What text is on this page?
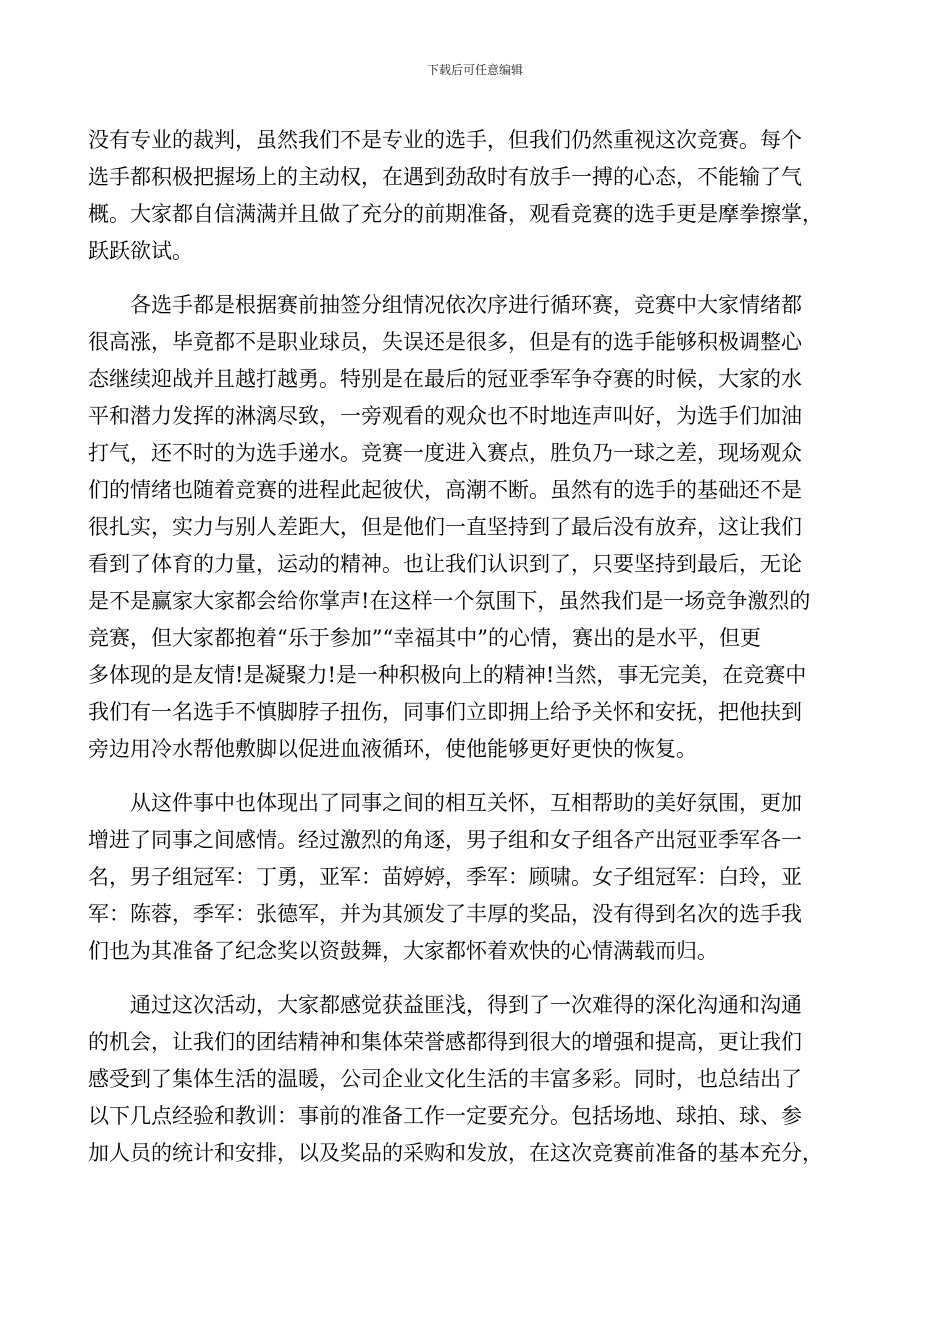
下载后可任意编辑

没有专业的裁判，虽然我们不是专业的选手，但我们仍然重视这次竞赛。每个
选手都积极把握场上的主动权，在遇到劲敌时有放手一搏的心态，不能输了气
概。大家都自信满满并且做了充分的前期准备，观看竞赛的选手更是摩拳擦掌，
跃跃欲试。

各选手都是根据赛前抽签分组情况依次序进行循环赛，竞赛中大家情绪都
很高涨，毕竟都不是职业球员，失误还是很多，但是有的选手能够积极调整心
态继续迎战并且越打越勇。特别是在最后的冠亚季军争夺赛的时候，大家的水
平和潜力发挥的淋漓尽致，一旁观看的观众也不时地连声叫好，为选手们加油
打气，还不时的为选手递水。竞赛一度进入赛点，胜负乃一球之差，现场观众
们的情绪也随着竞赛的进程此起彼伏，高潮不断。虽然有的选手的基础还不是
很扎实，实力与别人差距大，但是他们一直坚持到了最后没有放弃，这让我们
看到了体育的力量，运动的精神。也让我们认识到了，只要坚持到最后，无论
是不是赢家大家都会给你掌声!在这样一个氛围下，虽然我们是一场竞争激烈的
竞赛，但大家都抱着“乐于参加”“幸福其中”的心情，赛出的是水平，但更
多体现的是友情!是凝聚力!是一种积极向上的精神!当然，事无完美，在竞赛中
我们有一名选手不慎脚脖子扭伤，同事们立即拥上给予关怀和安抚，把他扶到
旁边用冷水帮他敷脚以促进血液循环，使他能够更好更快的恢复。

从这件事中也体现出了同事之间的相互关怀，互相帮助的美好氛围，更加
增进了同事之间感情。经过激烈的角逐，男子组和女子组各产出冠亚季军各一
名，男子组冠军：丁勇，亚军：苗婷婷，季军：顾啸。女子组冠军：白玲，亚
军：陈蓉，季军：张德军，并为其颁发了丰厚的奖品，没有得到名次的选手我
们也为其准备了纪念奖以资鼓舞，大家都怀着欢快的心情满载而归。

通过这次活动，大家都感觉获益匪浅，得到了一次难得的深化沟通和沟通
的机会，让我们的团结精神和集体荣誉感都得到很大的增强和提高，更让我们
感受到了集体生活的温暖，公司企业文化生活的丰富多彩。同时，也总结出了
以下几点经验和教训：事前的准备工作一定要充分。包括场地、球拍、球、参
加人员的统计和安排，以及奖品的采购和发放，在这次竞赛前准备的基本充分，
